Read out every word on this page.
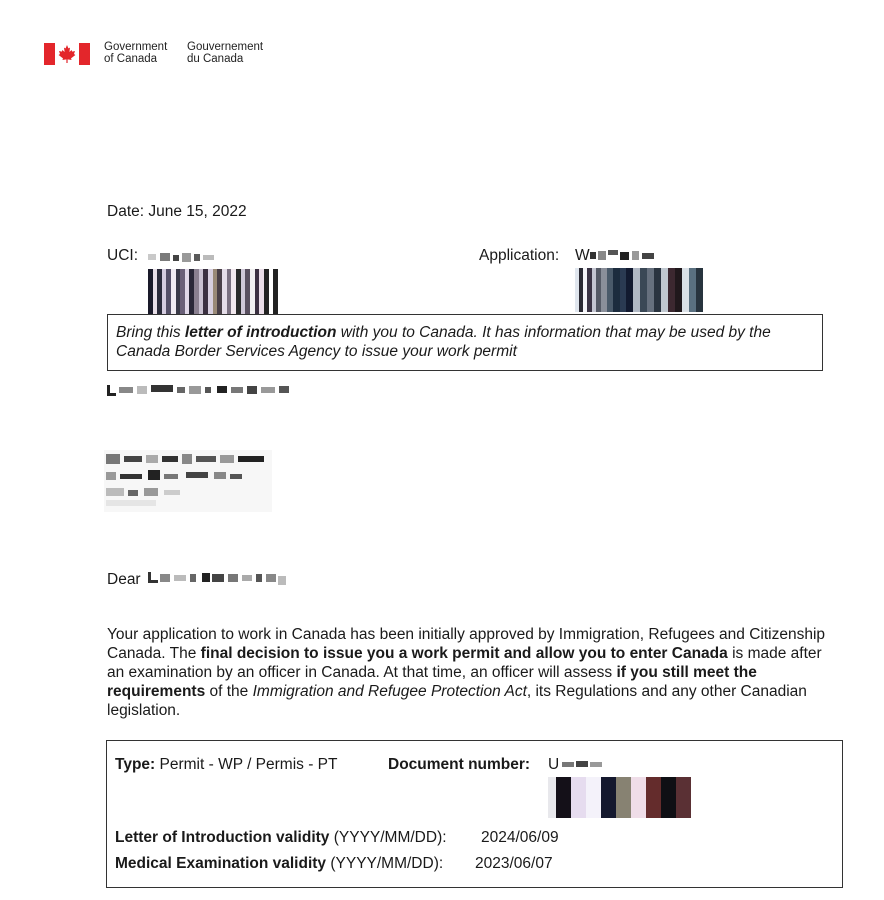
Government
of Canada
Gouvernement
du Canada
Date: June 15, 2022
UCI:	Application: W
Bring this letter of introduction with you to Canada. It has information that may be used by the Canada Border Services Agency to issue your work permit
Dear
Your application to work in Canada has been initially approved by Immigration, Refugees and Citizenship Canada. The final decision to issue you a work permit and allow you to enter Canada is made after an examination by an officer in Canada. At that time, an officer will assess if you still meet the requirements of the Immigration and Refugee Protection Act, its Regulations and any other Canadian legislation.
Type: Permit - WP / Permis - PT	Document number: U
Letter of Introduction validity (YYYY/MM/DD): 2024/06/09
Medical Examination validity (YYYY/MM/DD): 2023/06/07
